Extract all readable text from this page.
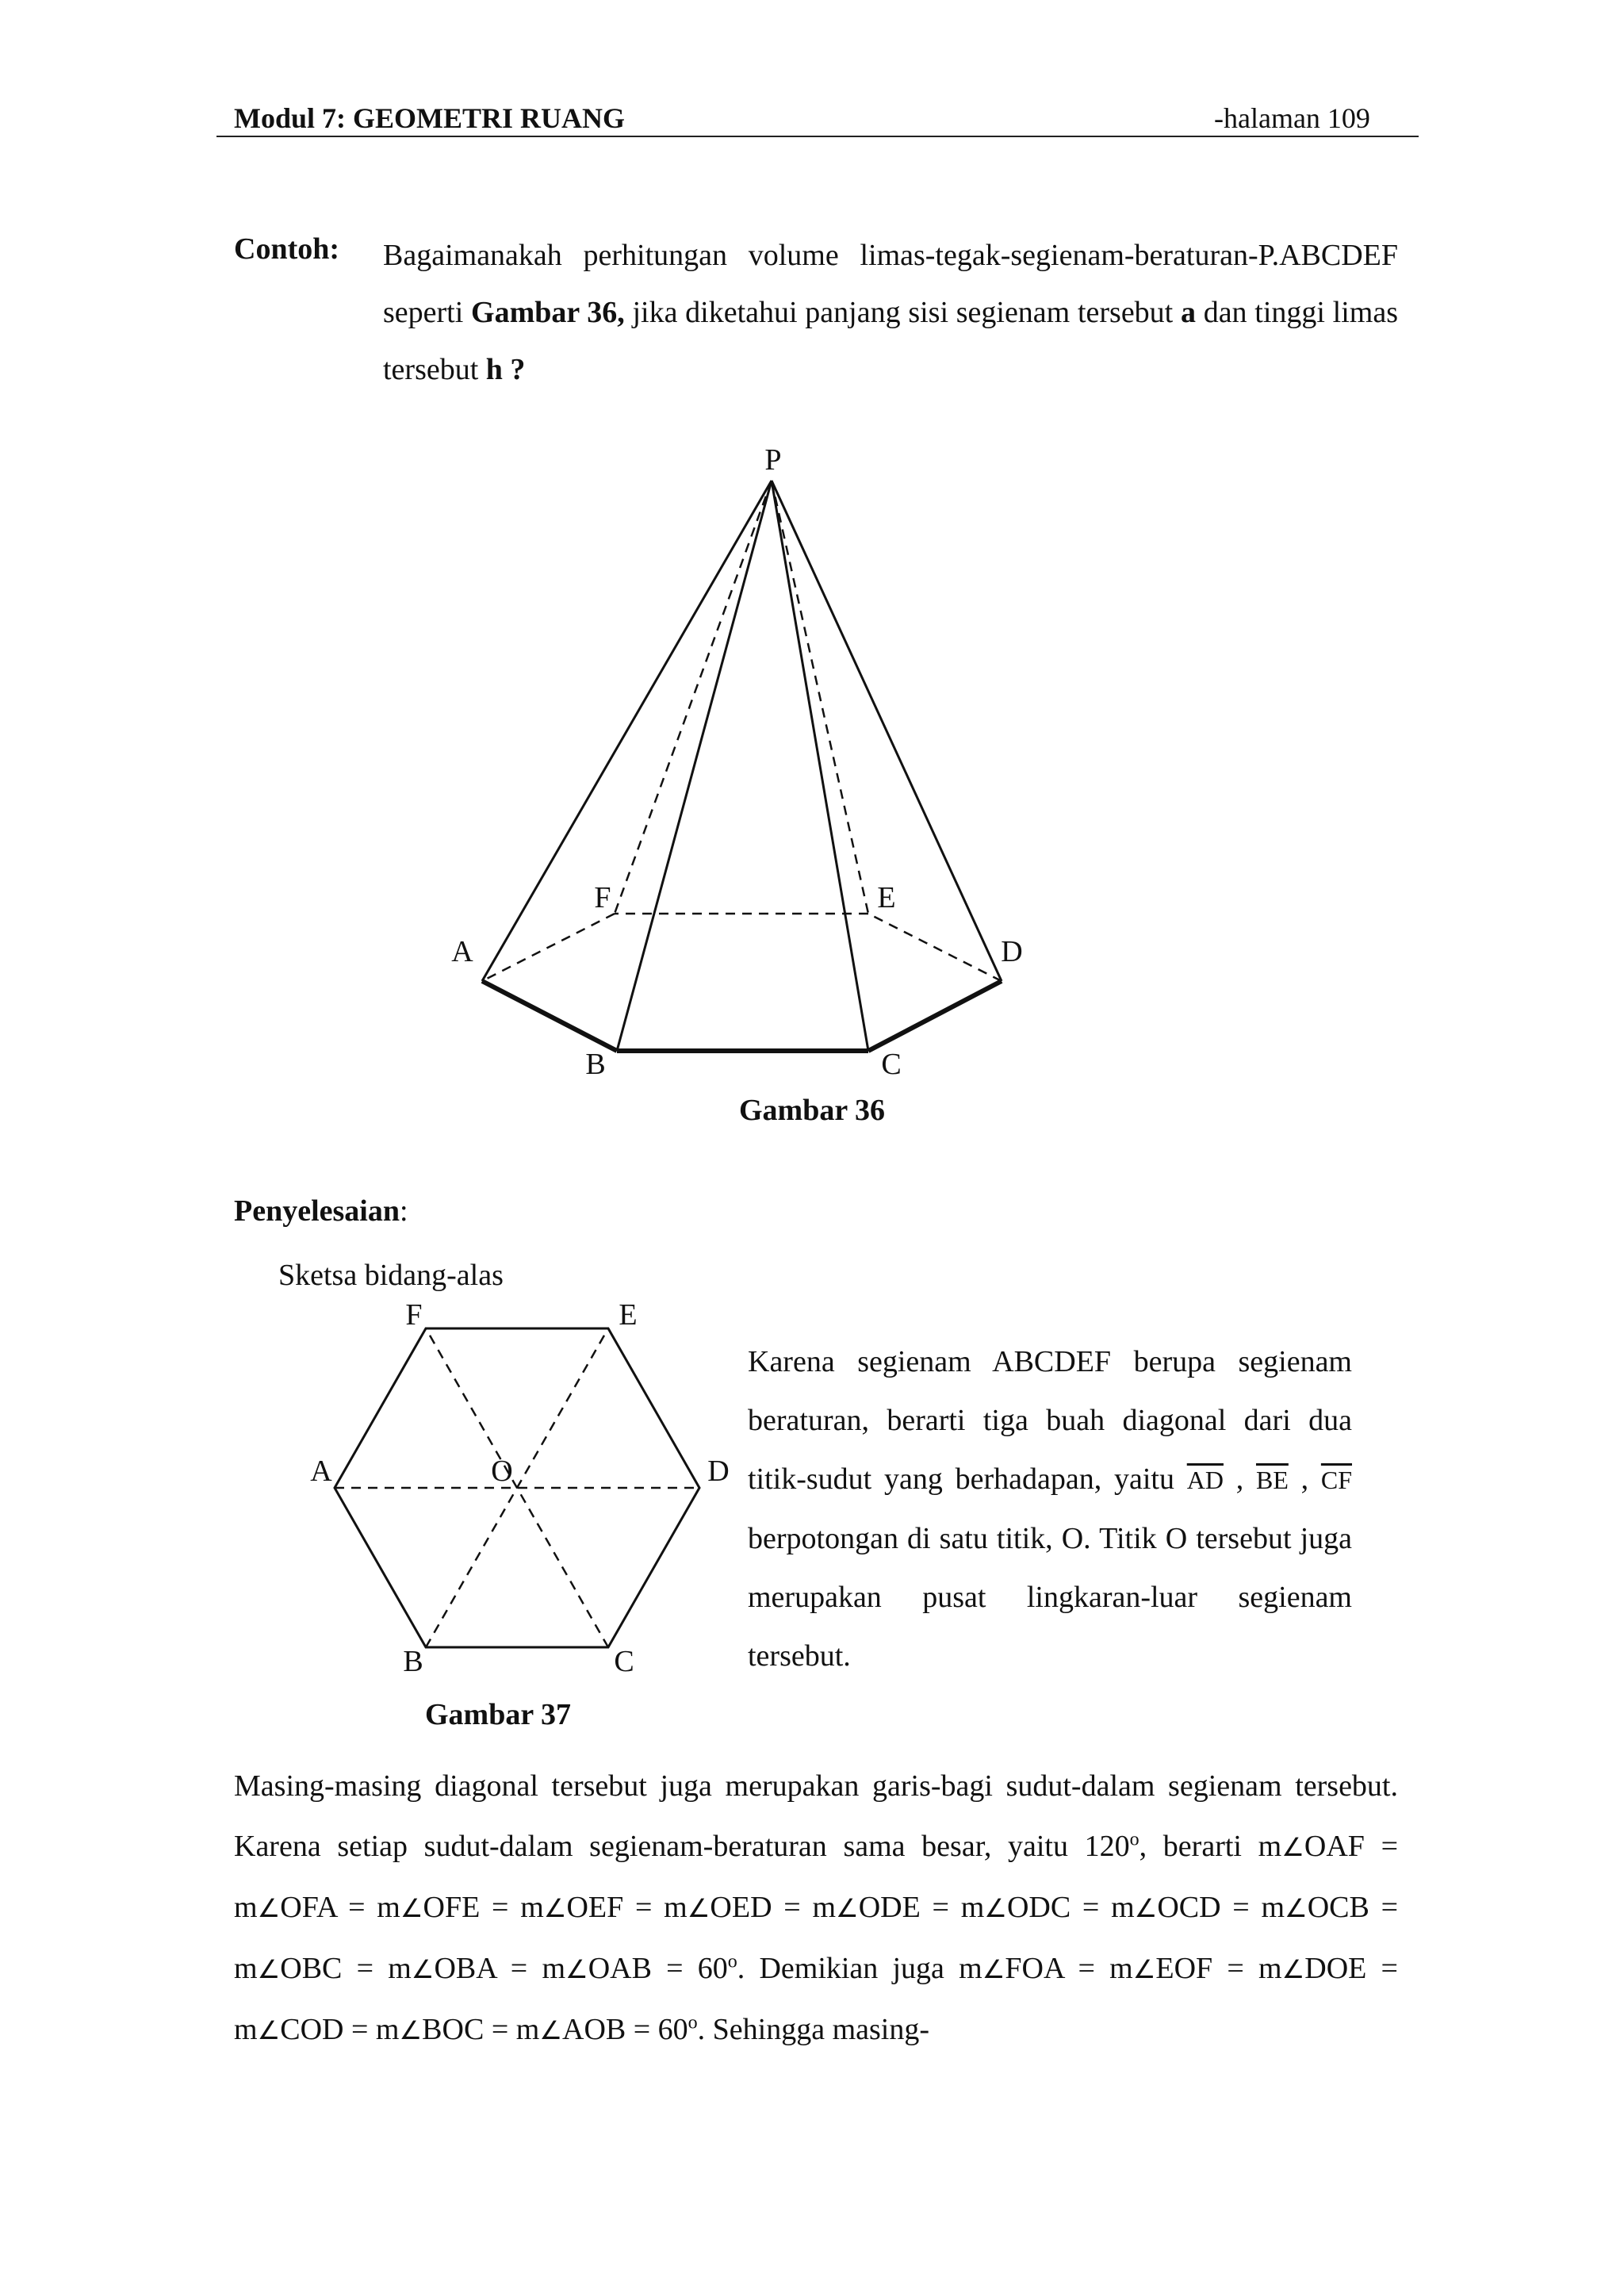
Modul 7: GEOMETRI RUANG	-halaman 109
Contoh: Bagaimanakah perhitungan volume limas-tegak-segienam-beraturan-P.ABCDEF seperti Gambar 36, jika diketahui panjang sisi segienam tersebut a dan tinggi limas tersebut h ?
P
A
B	C
D
E
F
Gambar 36
Penyelesaian:
Sketsa bidang-alas
F	E
A	O	D
B	C
Gambar 37
Karena segienam ABCDEF berupa segienam beraturan, berarti tiga buah diagonal dari dua titik-sudut yang berhadapan, yaitu $\overline{AD}$ , $\overline{BE}$ , $\overline{CF}$ berpotongan di satu titik, O. Titik O tersebut juga merupakan pusat lingkaran-luar segienam tersebut.
Masing-masing diagonal tersebut juga merupakan garis-bagi sudut-dalam segienam tersebut. Karena setiap sudut-dalam segienam-beraturan sama besar, yaitu 120$^o$, berarti m∠OAF = m∠OFA = m∠OFE = m∠OEF = m∠OED = m∠ODE = m∠ODC = m∠OCD = m∠OCB = m∠OBC = m∠OBA = m∠OAB = $60^o$. Demikian juga m∠FOA = m∠EOF = m∠DOE = m∠COD = m∠BOC = m∠AOB = $60^o$. Sehingga masing-
